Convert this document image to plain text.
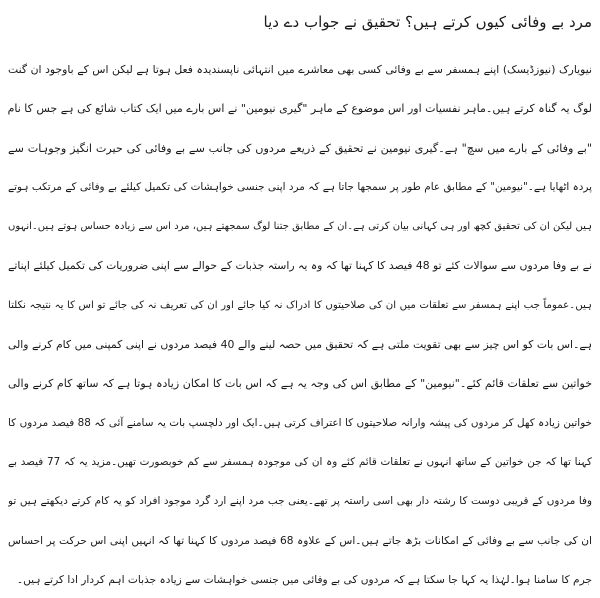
مرد بے وفائی کیوں کرتے ہیں؟ تحقیق نے جواب دے دیا
نیویارک (نیوزڈیسک) اپنے ہمسفر سے بے وفائی کسی بھی معاشرے میں انتہائی ناپسندیدہ فعل ہوتا ہے لیکن اس کے باوجود ان گنت
لوگ یہ گناہ کرتے ہیں۔ماہر نفسیات اور اس موضوع کے ماہر "گیری نیومین" نے اس بارے میں ایک کتاب شائع کی ہے جس کا نام
"بے وفائی کے بارے میں سچ" ہے۔گیری نیومین نے تحقیق کے ذریعے مردوں کی جانب سے بے وفائی کی حیرت انگیز وجوہات سے
پردہ اٹھایا ہے۔"نیومین" کے مطابق عام طور پر سمجھا جاتا ہے کہ مرد اپنی جنسی خواہشات کی تکمیل کیلئے بے وفائی کے مرتکب ہوتے
ہیں لیکن ان کی تحقیق کچھ اور ہی کہانی بیان کرتی ہے۔ان کے مطابق جتنا لوگ سمجھتے ہیں، مرد اس سے زیادہ حساس ہوتے ہیں۔انہوں
نے بے وفا مردوں سے سوالات کئے تو 48 فیصد کا کہنا تھا کہ وہ یہ راستہ جذبات کے حوالے سے اپنی ضروریات کی تکمیل کیلئے اپناتے
ہیں۔عموماً جب اپنے ہمسفر سے تعلقات میں ان کی صلاحیتوں کا ادراک نہ کیا جائے اور ان کی تعریف نہ کی جائے تو اس کا یہ نتیجہ نکلتا
ہے۔اس بات کو اس چیز سے بھی تقویت ملتی ہے کہ تحقیق میں حصہ لینے والے 40 فیصد مردوں نے اپنی کمپنی میں کام کرنے والی
خواتین سے تعلقات قائم کئے۔"نیومین" کے مطابق اس کی وجہ یہ ہے کہ اس بات کا امکان زیادہ ہوتا ہے کہ ساتھ کام کرنے والی
خواتین زیادہ کھل کر مردوں کی پیشہ وارانہ صلاحیتوں کا اعتراف کرتی ہیں۔ایک اور دلچسپ بات یہ سامنے آئی کہ 88 فیصد مردوں کا
کہنا تھا کہ جن خواتین کے ساتھ انہوں نے تعلقات قائم کئے وہ ان کی موجودہ ہمسفر سے کم خوبصورت تھیں۔مزید یہ کہ 77 فیصد بے
وفا مردوں کے قریبی دوست کا رشتہ دار بھی اسی راستہ پر تھے۔یعنی جب مرد اپنے ارد گرد موجود افراد کو یہ کام کرتے دیکھتے ہیں تو
ان کی جانب سے بے وفائی کے امکانات بڑھ جاتے ہیں۔اس کے علاوہ 68 فیصد مردوں کا کہنا تھا کہ انہیں اپنی اس حرکت پر احساس
جرم کا سامنا ہوا۔لہٰذا یہ کہا جا سکتا ہے کہ مردوں کی بے وفائی میں جنسی خواہشات سے زیادہ جذبات اہم کردار ادا کرتے ہیں۔
